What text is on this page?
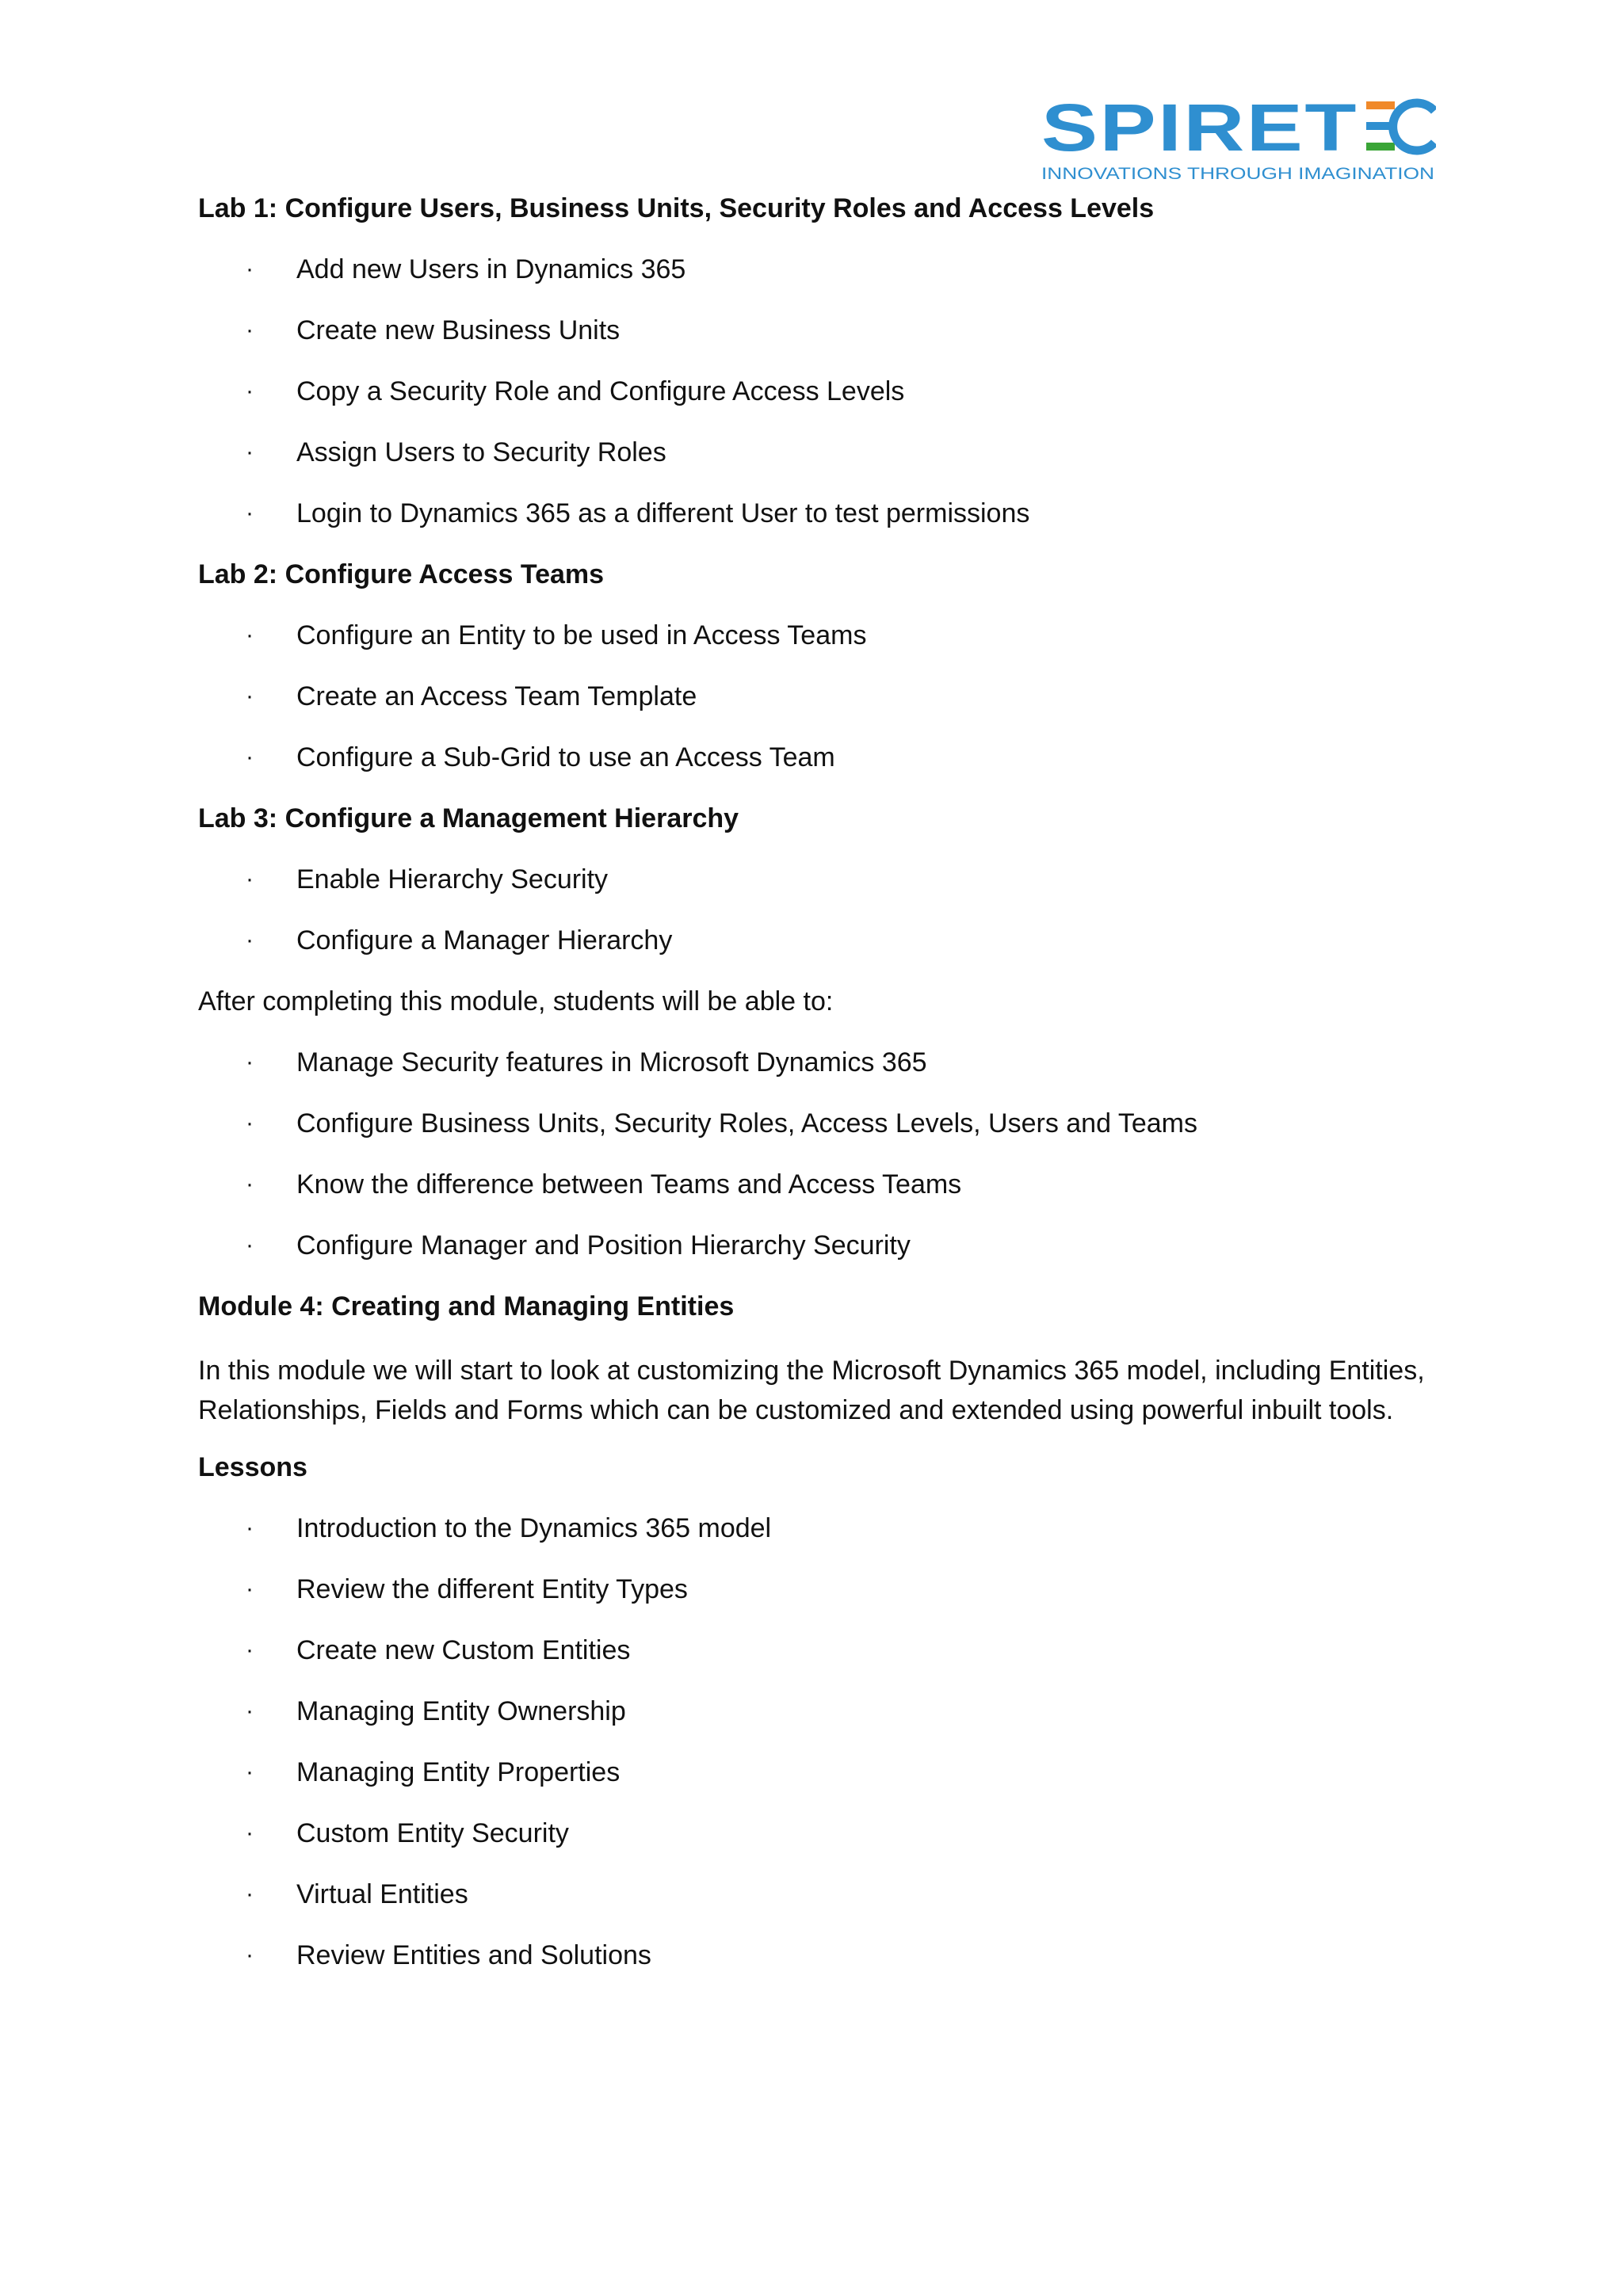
SPIRET
INNOVATIONS THROUGH IMAGINATION
Lab 1: Configure Users, Business Units, Security Roles and Access Levels
· Add new Users in Dynamics 365
· Create new Business Units
· Copy a Security Role and Configure Access Levels
· Assign Users to Security Roles
· Login to Dynamics 365 as a different User to test permissions
Lab 2: Configure Access Teams
· Configure an Entity to be used in Access Teams
· Create an Access Team Template
· Configure a Sub-Grid to use an Access Team
Lab 3: Configure a Management Hierarchy
· Enable Hierarchy Security
· Configure a Manager Hierarchy
After completing this module, students will be able to:
· Manage Security features in Microsoft Dynamics 365
· Configure Business Units, Security Roles, Access Levels, Users and Teams
· Know the difference between Teams and Access Teams
· Configure Manager and Position Hierarchy Security
Module 4: Creating and Managing Entities
In this module we will start to look at customizing the Microsoft Dynamics 365 model, including Entities, Relationships, Fields and Forms which can be customized and extended using powerful inbuilt tools.
Lessons
· Introduction to the Dynamics 365 model
· Review the different Entity Types
· Create new Custom Entities
· Managing Entity Ownership
· Managing Entity Properties
· Custom Entity Security
· Virtual Entities
· Review Entities and Solutions
